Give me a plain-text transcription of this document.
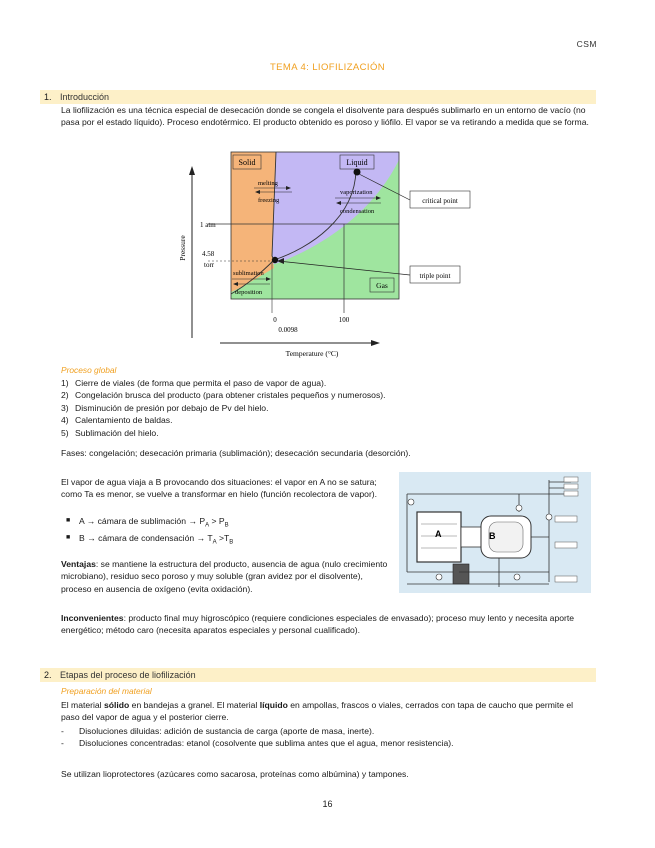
CSM
TEMA 4: LIOFILIZACIÓN
1. Introducción
La liofilización es una técnica especial de desecación donde se congela el disolvente para después sublimarlo en un entorno de vacío (no pasa por el estado líquido). Proceso endotérmico. El producto obtenido es poroso y liófilo. El vapor se va retirando a medida que se forma.
Solid	Liquid
Gas
melting
freezing
vaporization
condensation
sublimation
deposition
critical point
triple point
1 atm
4.58
torr
Pressure
0
0.0098
100
Temperature (°C)
Proceso global
1) Cierre de viales (de forma que permita el paso de vapor de agua).
2) Congelación brusca del producto (para obtener cristales pequeños y numerosos).
3) Disminución de presión por debajo de Pv del hielo.
4) Calentamiento de baldas.
5) Sublimación del hielo.
Fases: congelación; desecación primaria (sublimación); desecación secundaria (desorción).
El vapor de agua viaja a B provocando dos situaciones: el vapor en A no se satura; como Ta es menor, se vuelve a transformar en hielo (función recolectora de vapor).
■ A → cámara de sublimación → $P_A > P_B$
■ B → cámara de condensación → $T_A >T_B$
A	B
Ventajas: se mantiene la estructura del producto, ausencia de agua (nulo crecimiento microbiano), residuo seco poroso y muy soluble (gran avidez por el disolvente), proceso en ausencia de oxígeno (evita oxidación).
Inconvenientes: producto final muy higroscópico (requiere condiciones especiales de envasado); proceso muy lento y necesita aporte energético; método caro (necesita aparatos especiales y personal cualificado).
2. Etapas del proceso de liofilización
Preparación del material
El material sólido en bandejas a granel. El material líquido en ampollas, frascos o viales, cerrados con tapa de caucho que permite el paso del vapor de agua y el posterior cierre.
- Disoluciones diluidas: adición de sustancia de carga (aporte de masa, inerte).
- Disoluciones concentradas: etanol (cosolvente que sublima antes que el agua, menor resistencia).
Se utilizan lioprotectores (azúcares como sacarosa, proteínas como albúmina) y tampones.
16
